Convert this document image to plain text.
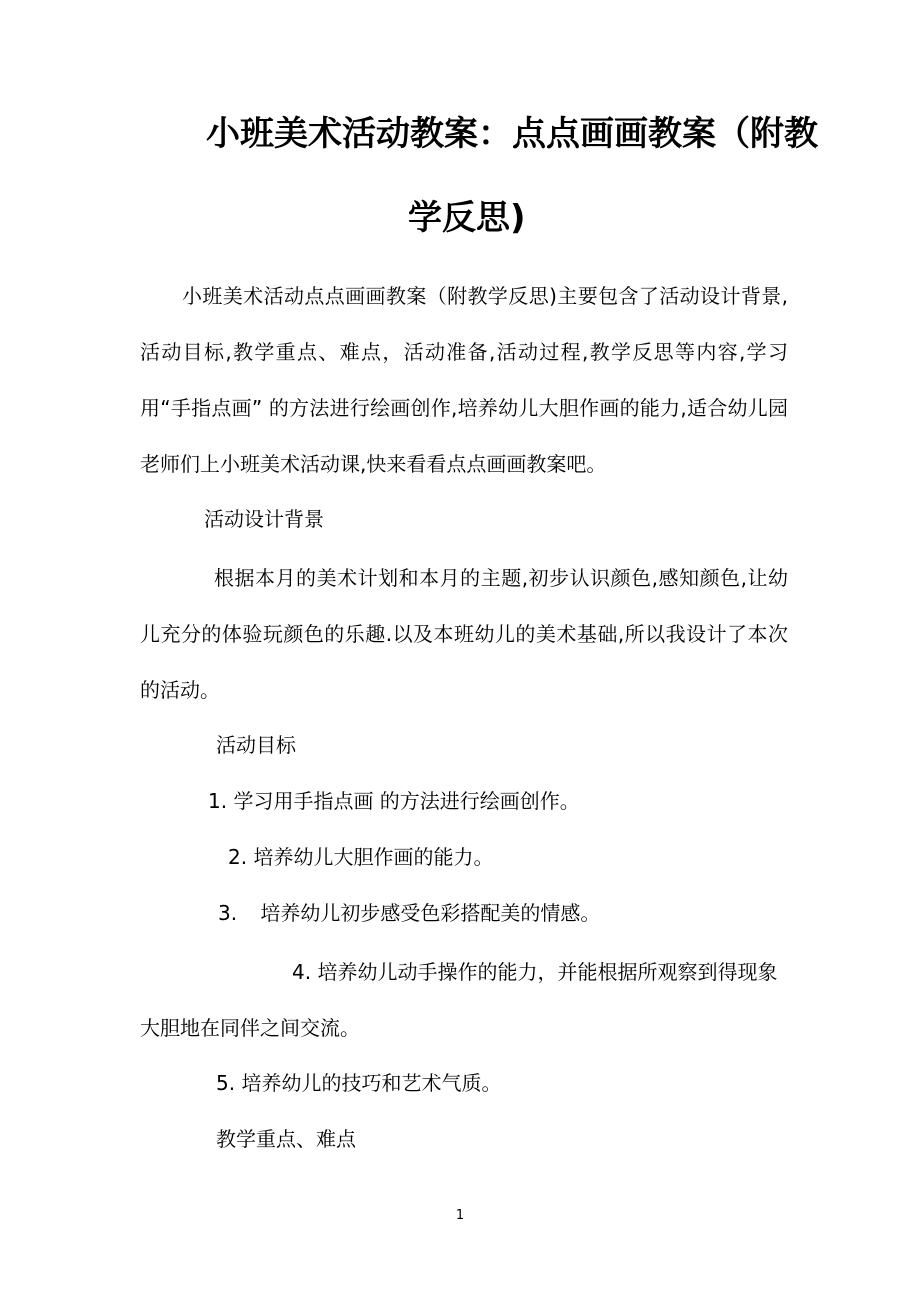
小班美术活动教案：点点画画教案（附教
学反思)
小班美术活动点点画画教案（附教学反思)主要包含了活动设计背景,活动目标,教学重点、难点，活动准备,活动过程,教学反思等内容,学习用“手指点画” 的方法进行绘画创作,培养幼儿大胆作画的能力,适合幼儿园老师们上小班美术活动课,快来看看点点画画教案吧。
活动设计背景
根据本月的美术计划和本月的主题,初步认识颜色,感知颜色,让幼儿充分的体验玩颜色的乐趣.以及本班幼儿的美术基础,所以我设计了本次的活动。
活动目标
1. 学习用手指点画 的方法进行绘画创作。
2. 培养幼儿大胆作画的能力。
3. 培养幼儿初步感受色彩搭配美的情感。
4. 培养幼儿动手操作的能力，并能根据所观察到得现象大胆地在同伴之间交流。
5. 培养幼儿的技巧和艺术气质。
教学重点、难点
1
